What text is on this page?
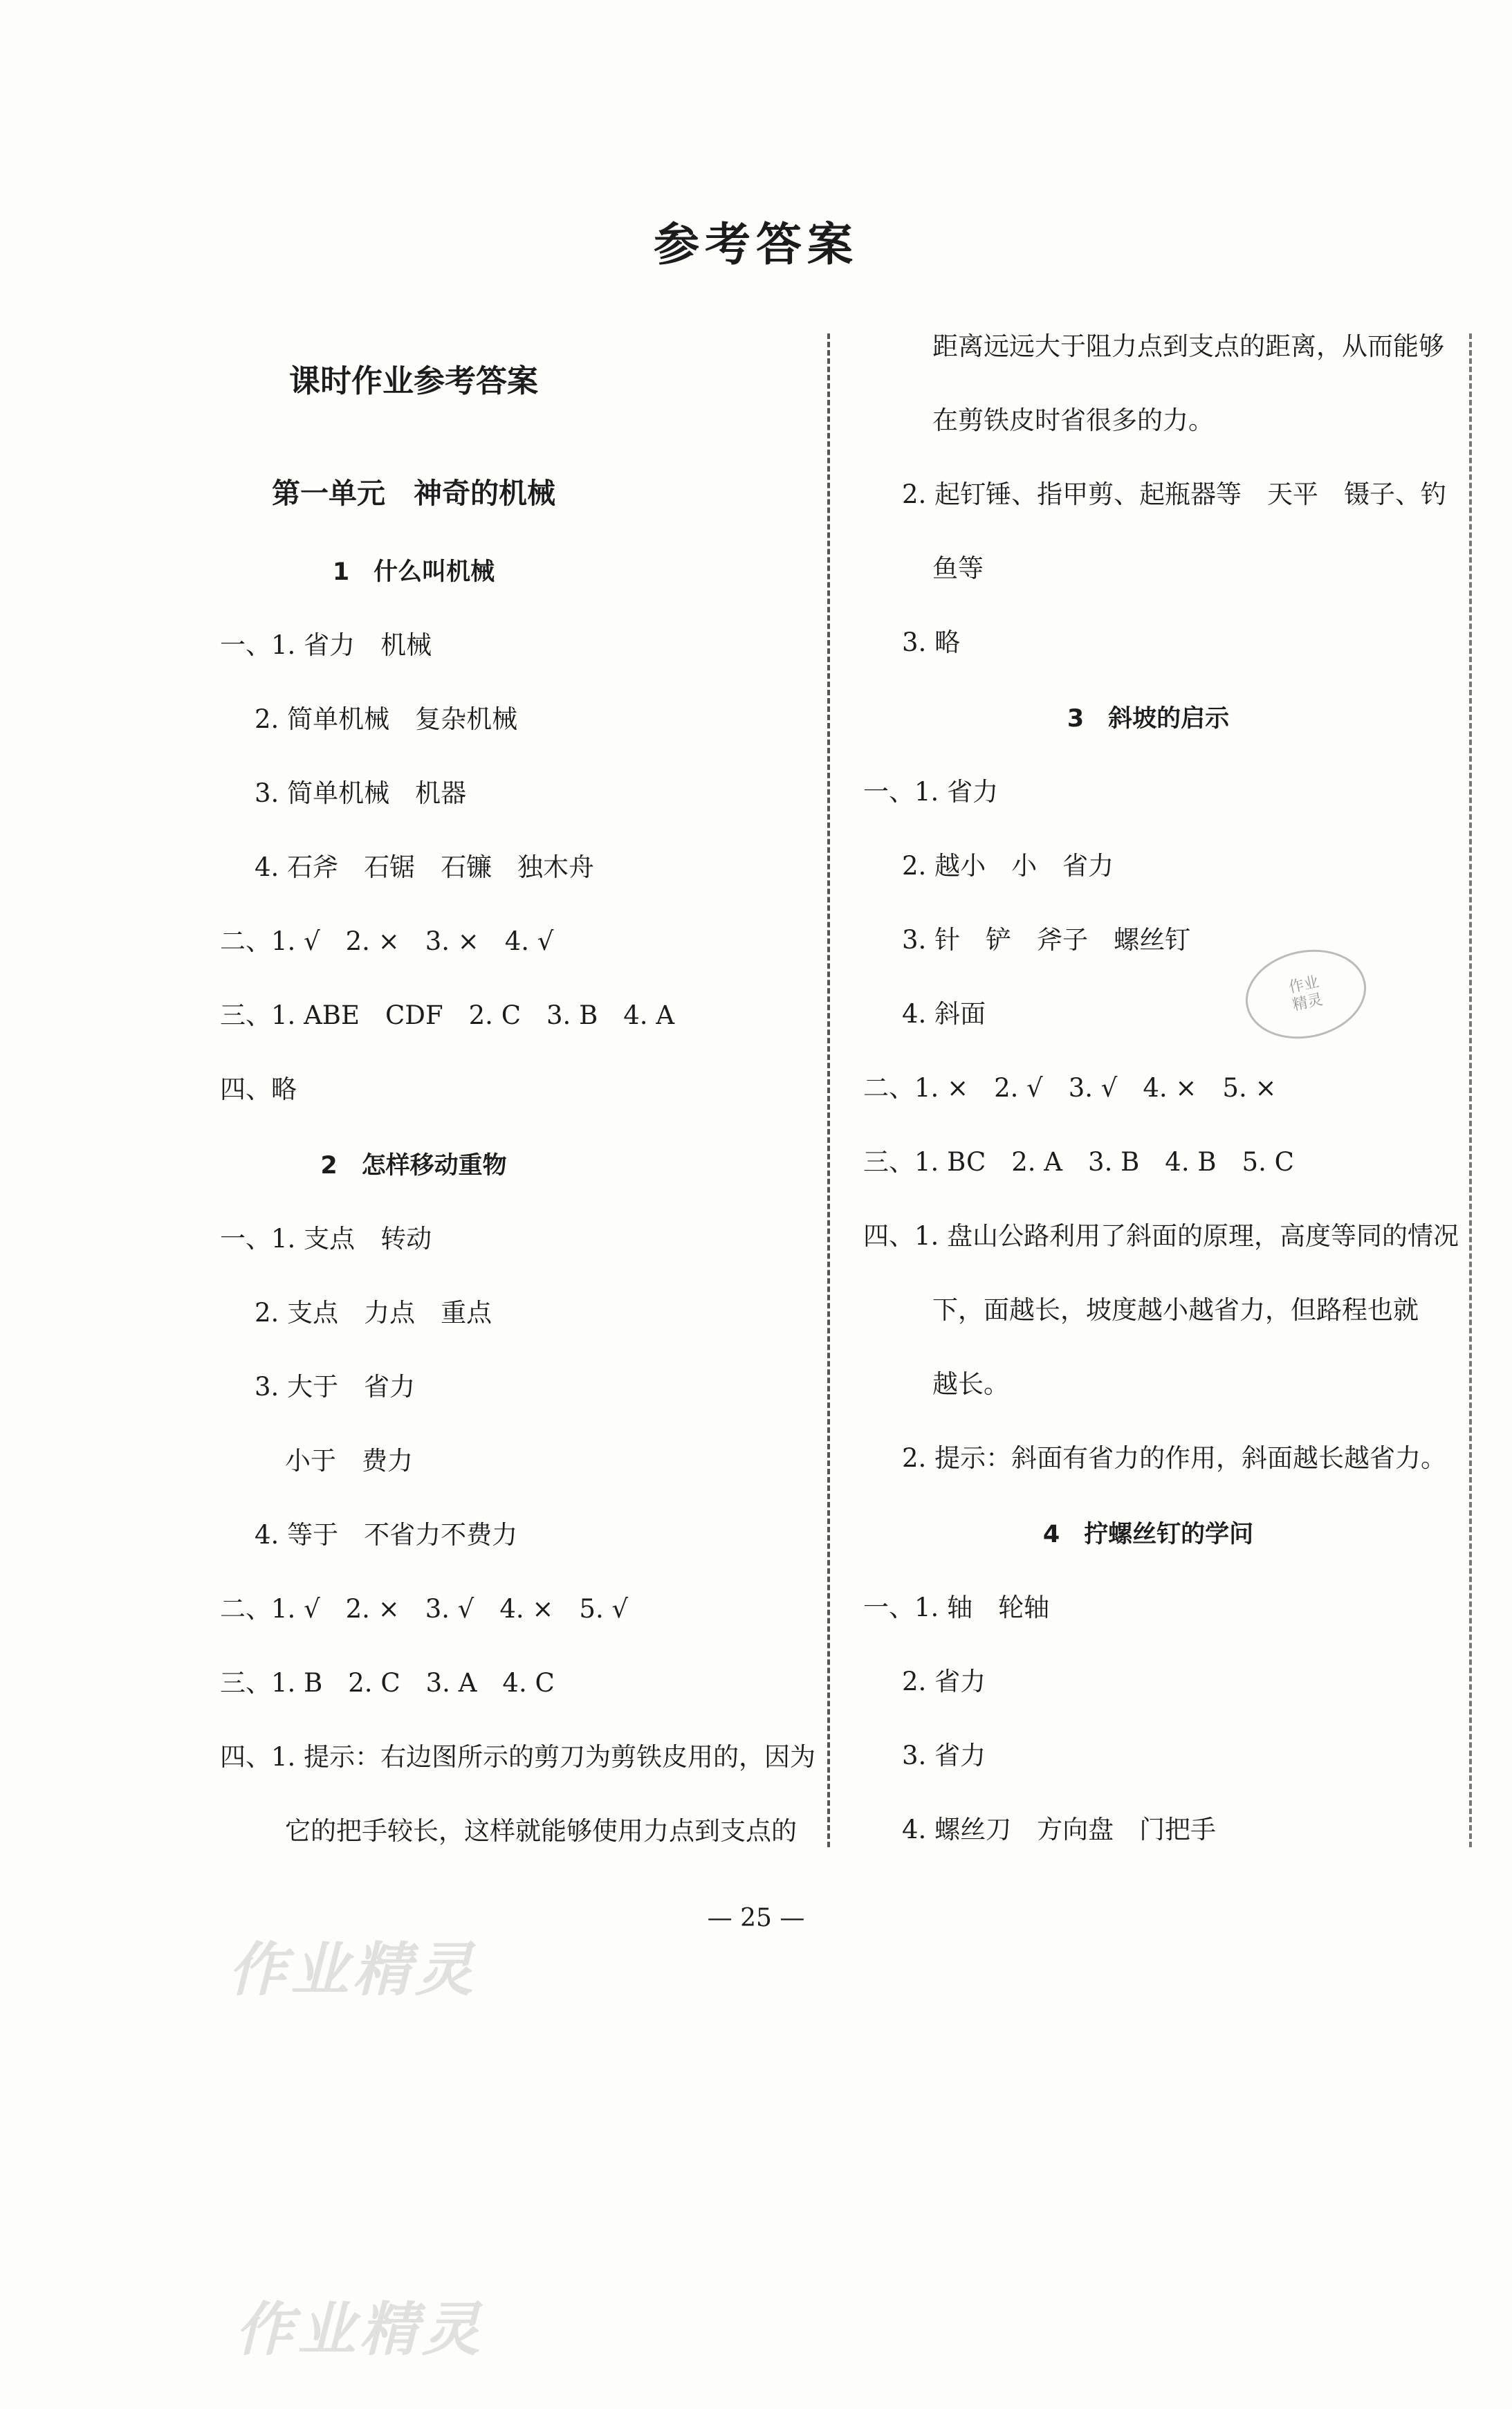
参考答案
课时作业参考答案
第一单元　神奇的机械
1　什么叫机械
一、1. 省力　机械
2. 简单机械　复杂机械
3. 简单机械　机器
4. 石斧　石锯　石镰　独木舟
二、1. √　2. ×　3. ×　4. √
三、1. ABE　CDF　2. C　3. B　4. A
四、略
2　怎样移动重物
一、1. 支点　转动
2. 支点　力点　重点
3. 大于　省力
小于　费力
4. 等于　不省力不费力
二、1. √　2. ×　3. √　4. ×　5. √
三、1. B　2. C　3. A　4. C
四、1. 提示：右边图所示的剪刀为剪铁皮用的，因为
它的把手较长，这样就能够使用力点到支点的
距离远远大于阻力点到支点的距离，从而能够
在剪铁皮时省很多的力。
2. 起钉锤、指甲剪、起瓶器等　天平　镊子、钓
鱼等
3. 略
3　斜坡的启示
一、1. 省力
2. 越小　小　省力
3. 针　铲　斧子　螺丝钉
4. 斜面
二、1. ×　2. √　3. √　4. ×　5. ×
三、1. BC　2. A　3. B　4. B　5. C
四、1. 盘山公路利用了斜面的原理，高度等同的情况
下，面越长，坡度越小越省力，但路程也就
越长。
2. 提示：斜面有省力的作用，斜面越长越省力。
4　拧螺丝钉的学问
一、1. 轴　轮轴
2. 省力
3. 省力
4. 螺丝刀　方向盘　门把手
作业
精灵
— 25 —
作业精灵
作业精灵
